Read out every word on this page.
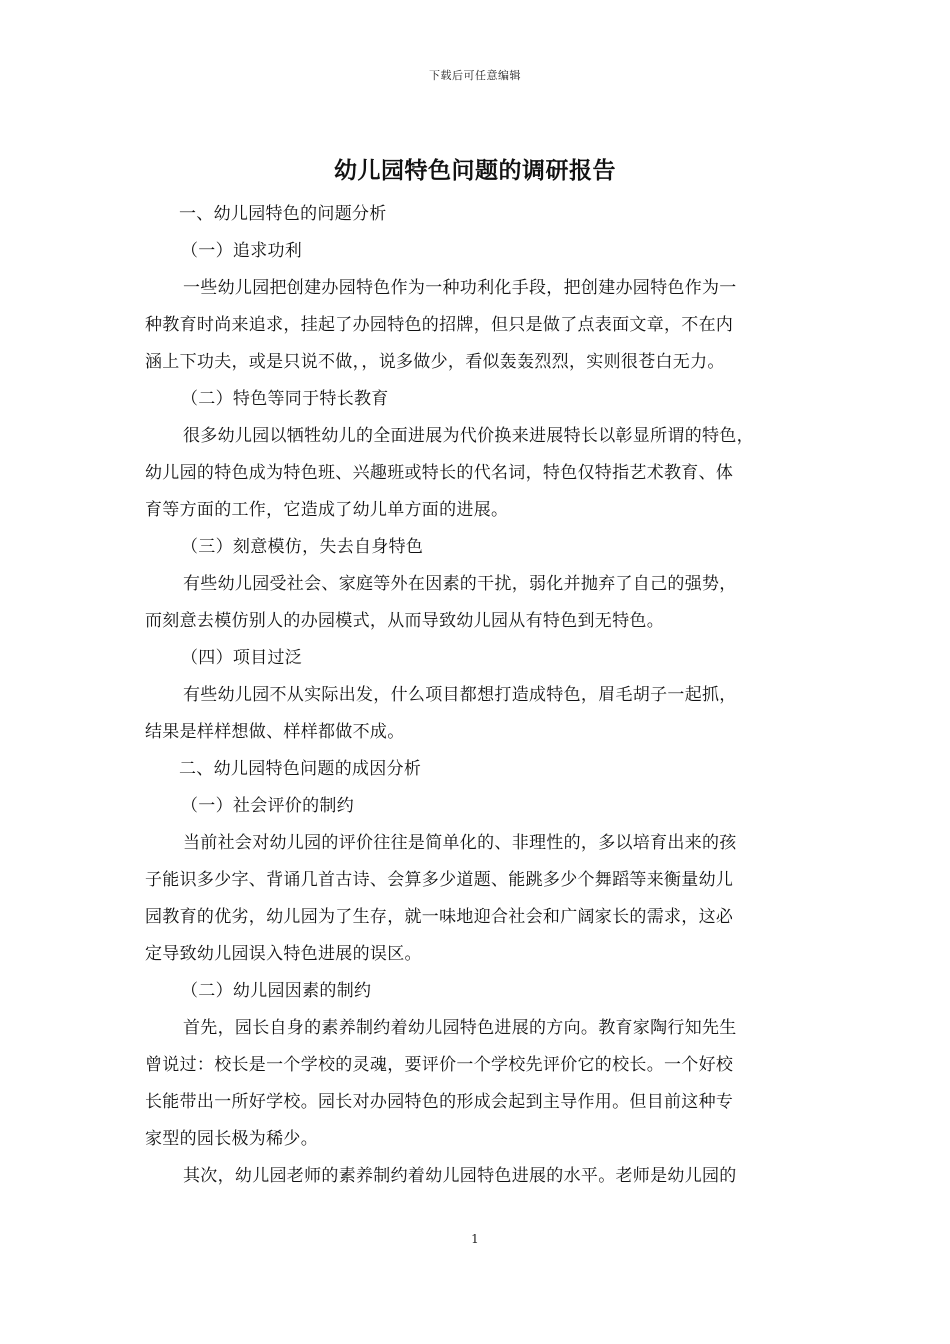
下载后可任意编辑
幼儿园特色问题的调研报告
一、幼儿园特色的问题分析
（一）追求功利
一些幼儿园把创建办园特色作为一种功利化手段，把创建办园特色作为一
种教育时尚来追求，挂起了办园特色的招牌，但只是做了点表面文章，不在内
涵上下功夫，或是只说不做，，说多做少，看似轰轰烈烈，实则很苍白无力。
（二）特色等同于特长教育
很多幼儿园以牺牲幼儿的全面进展为代价换来进展特长以彰显所谓的特色，
幼儿园的特色成为特色班、兴趣班或特长的代名词，特色仅特指艺术教育、体
育等方面的工作，它造成了幼儿单方面的进展。
（三）刻意模仿，失去自身特色
有些幼儿园受社会、家庭等外在因素的干扰，弱化并抛弃了自己的强势，
而刻意去模仿别人的办园模式，从而导致幼儿园从有特色到无特色。
（四）项目过泛
有些幼儿园不从实际出发，什么项目都想打造成特色，眉毛胡子一起抓，
结果是样样想做、样样都做不成。
二、幼儿园特色问题的成因分析
（一）社会评价的制约
当前社会对幼儿园的评价往往是简单化的、非理性的，多以培育出来的孩
子能识多少字、背诵几首古诗、会算多少道题、能跳多少个舞蹈等来衡量幼儿
园教育的优劣，幼儿园为了生存，就一味地迎合社会和广阔家长的需求，这必
定导致幼儿园误入特色进展的误区。
（二）幼儿园因素的制约
首先，园长自身的素养制约着幼儿园特色进展的方向。教育家陶行知先生
曾说过：校长是一个学校的灵魂，要评价一个学校先评价它的校长。一个好校
长能带出一所好学校。园长对办园特色的形成会起到主导作用。但目前这种专
家型的园长极为稀少。
其次，幼儿园老师的素养制约着幼儿园特色进展的水平。老师是幼儿园的
1
